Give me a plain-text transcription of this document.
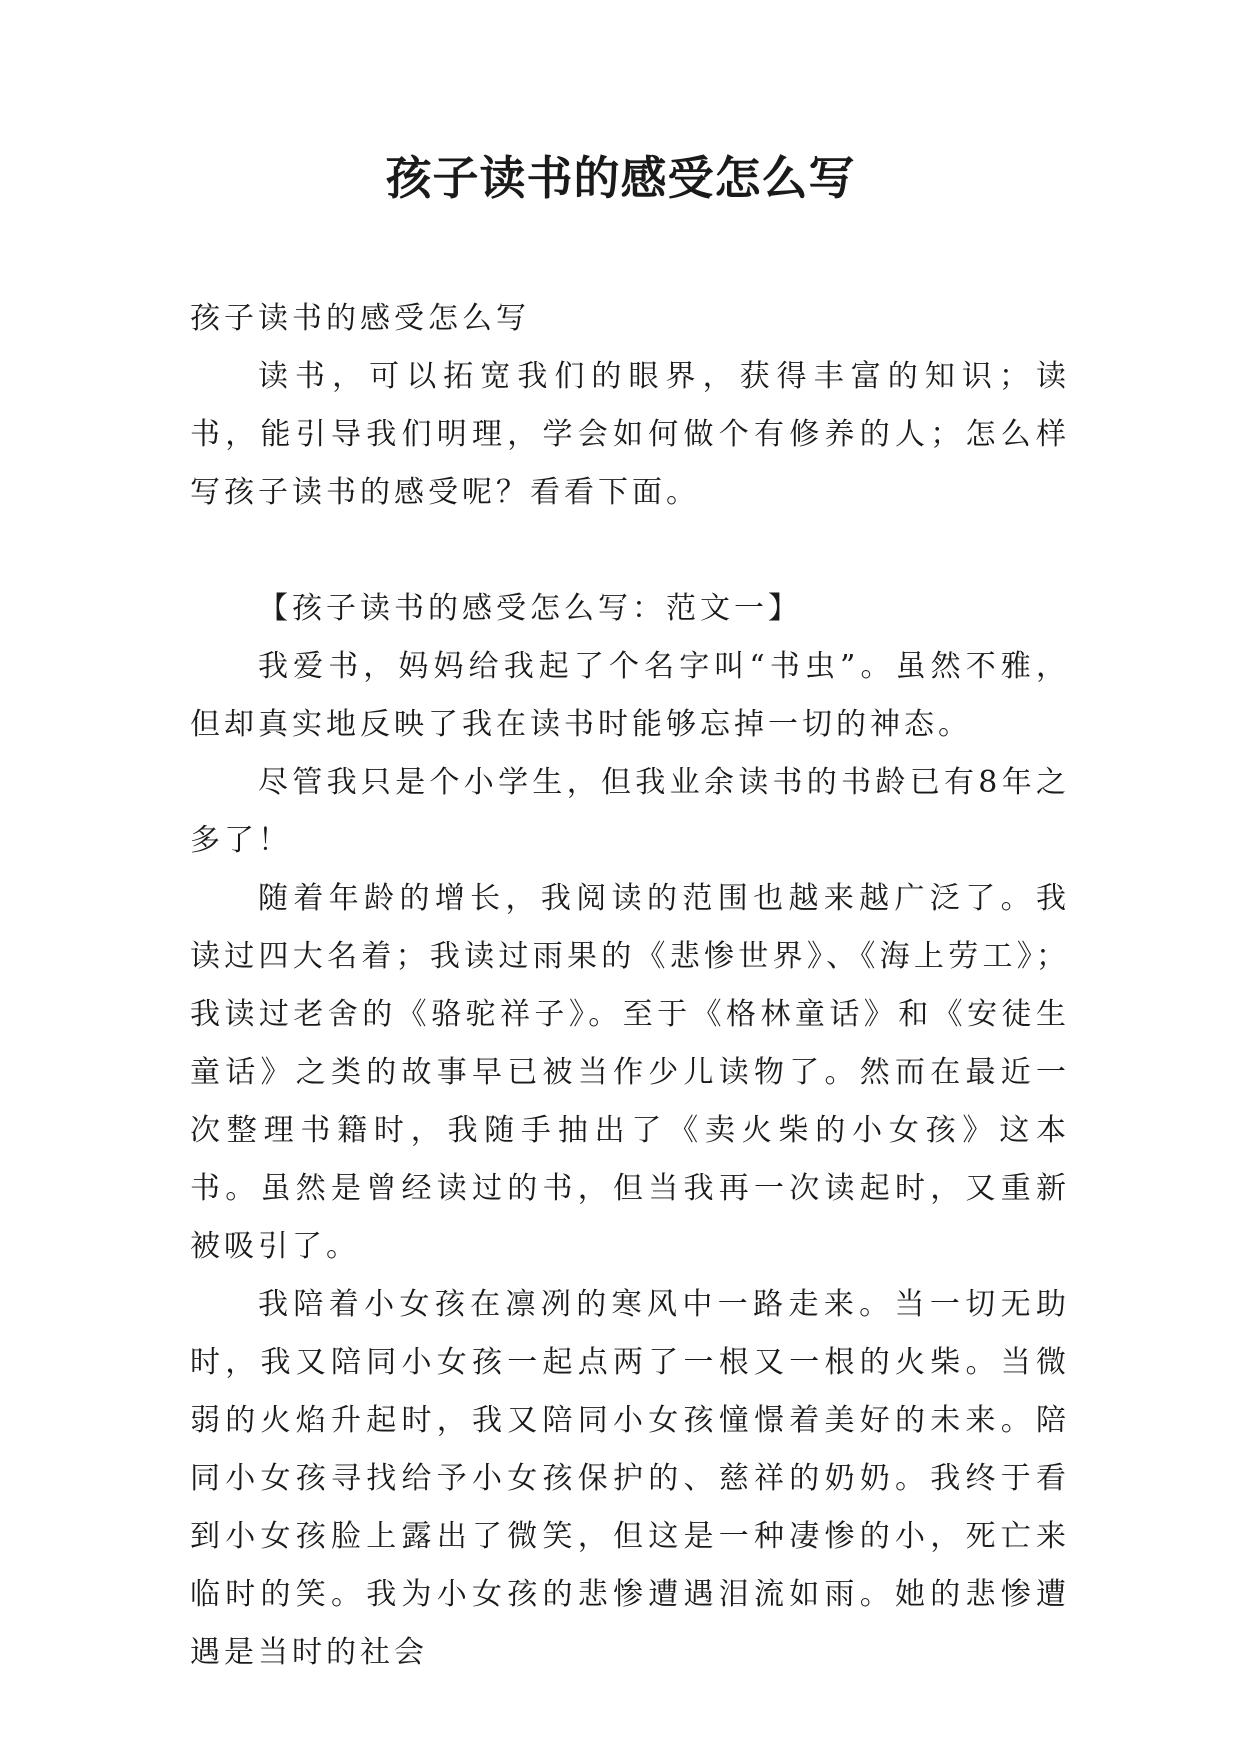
孩子读书的感受怎么写

孩子读书的感受怎么写

读书，可以拓宽我们的眼界，获得丰富的知识；读书，能引导我们明理，学会如何做个有修养的人；怎么样写孩子读书的感受呢？看看下面。

【孩子读书的感受怎么写：范文一】

我爱书，妈妈给我起了个名字叫“书虫”。虽然不雅，但却真实地反映了我在读书时能够忘掉一切的神态。

尽管我只是个小学生，但我业余读书的书龄已有8年之多了！

随着年龄的增长，我阅读的范围也越来越广泛了。我读过四大名着；我读过雨果的《悲惨世界》、《海上劳工》；我读过老舍的《骆驼祥子》。至于《格林童话》和《安徒生童话》之类的故事早已被当作少儿读物了。然而在最近一次整理书籍时，我随手抽出了《卖火柴的小女孩》这本书。虽然是曾经读过的书，但当我再一次读起时，又重新被吸引了。

我陪着小女孩在凛冽的寒风中一路走来。当一切无助时，我又陪同小女孩一起点两了一根又一根的火柴。当微弱的火焰升起时，我又陪同小女孩憧憬着美好的未来。陪同小女孩寻找给予小女孩保护的、慈祥的奶奶。我终于看到小女孩脸上露出了微笑，但这是一种凄惨的小，死亡来临时的笑。我为小女孩的悲惨遭遇泪流如雨。她的悲惨遭遇是当时的社会
